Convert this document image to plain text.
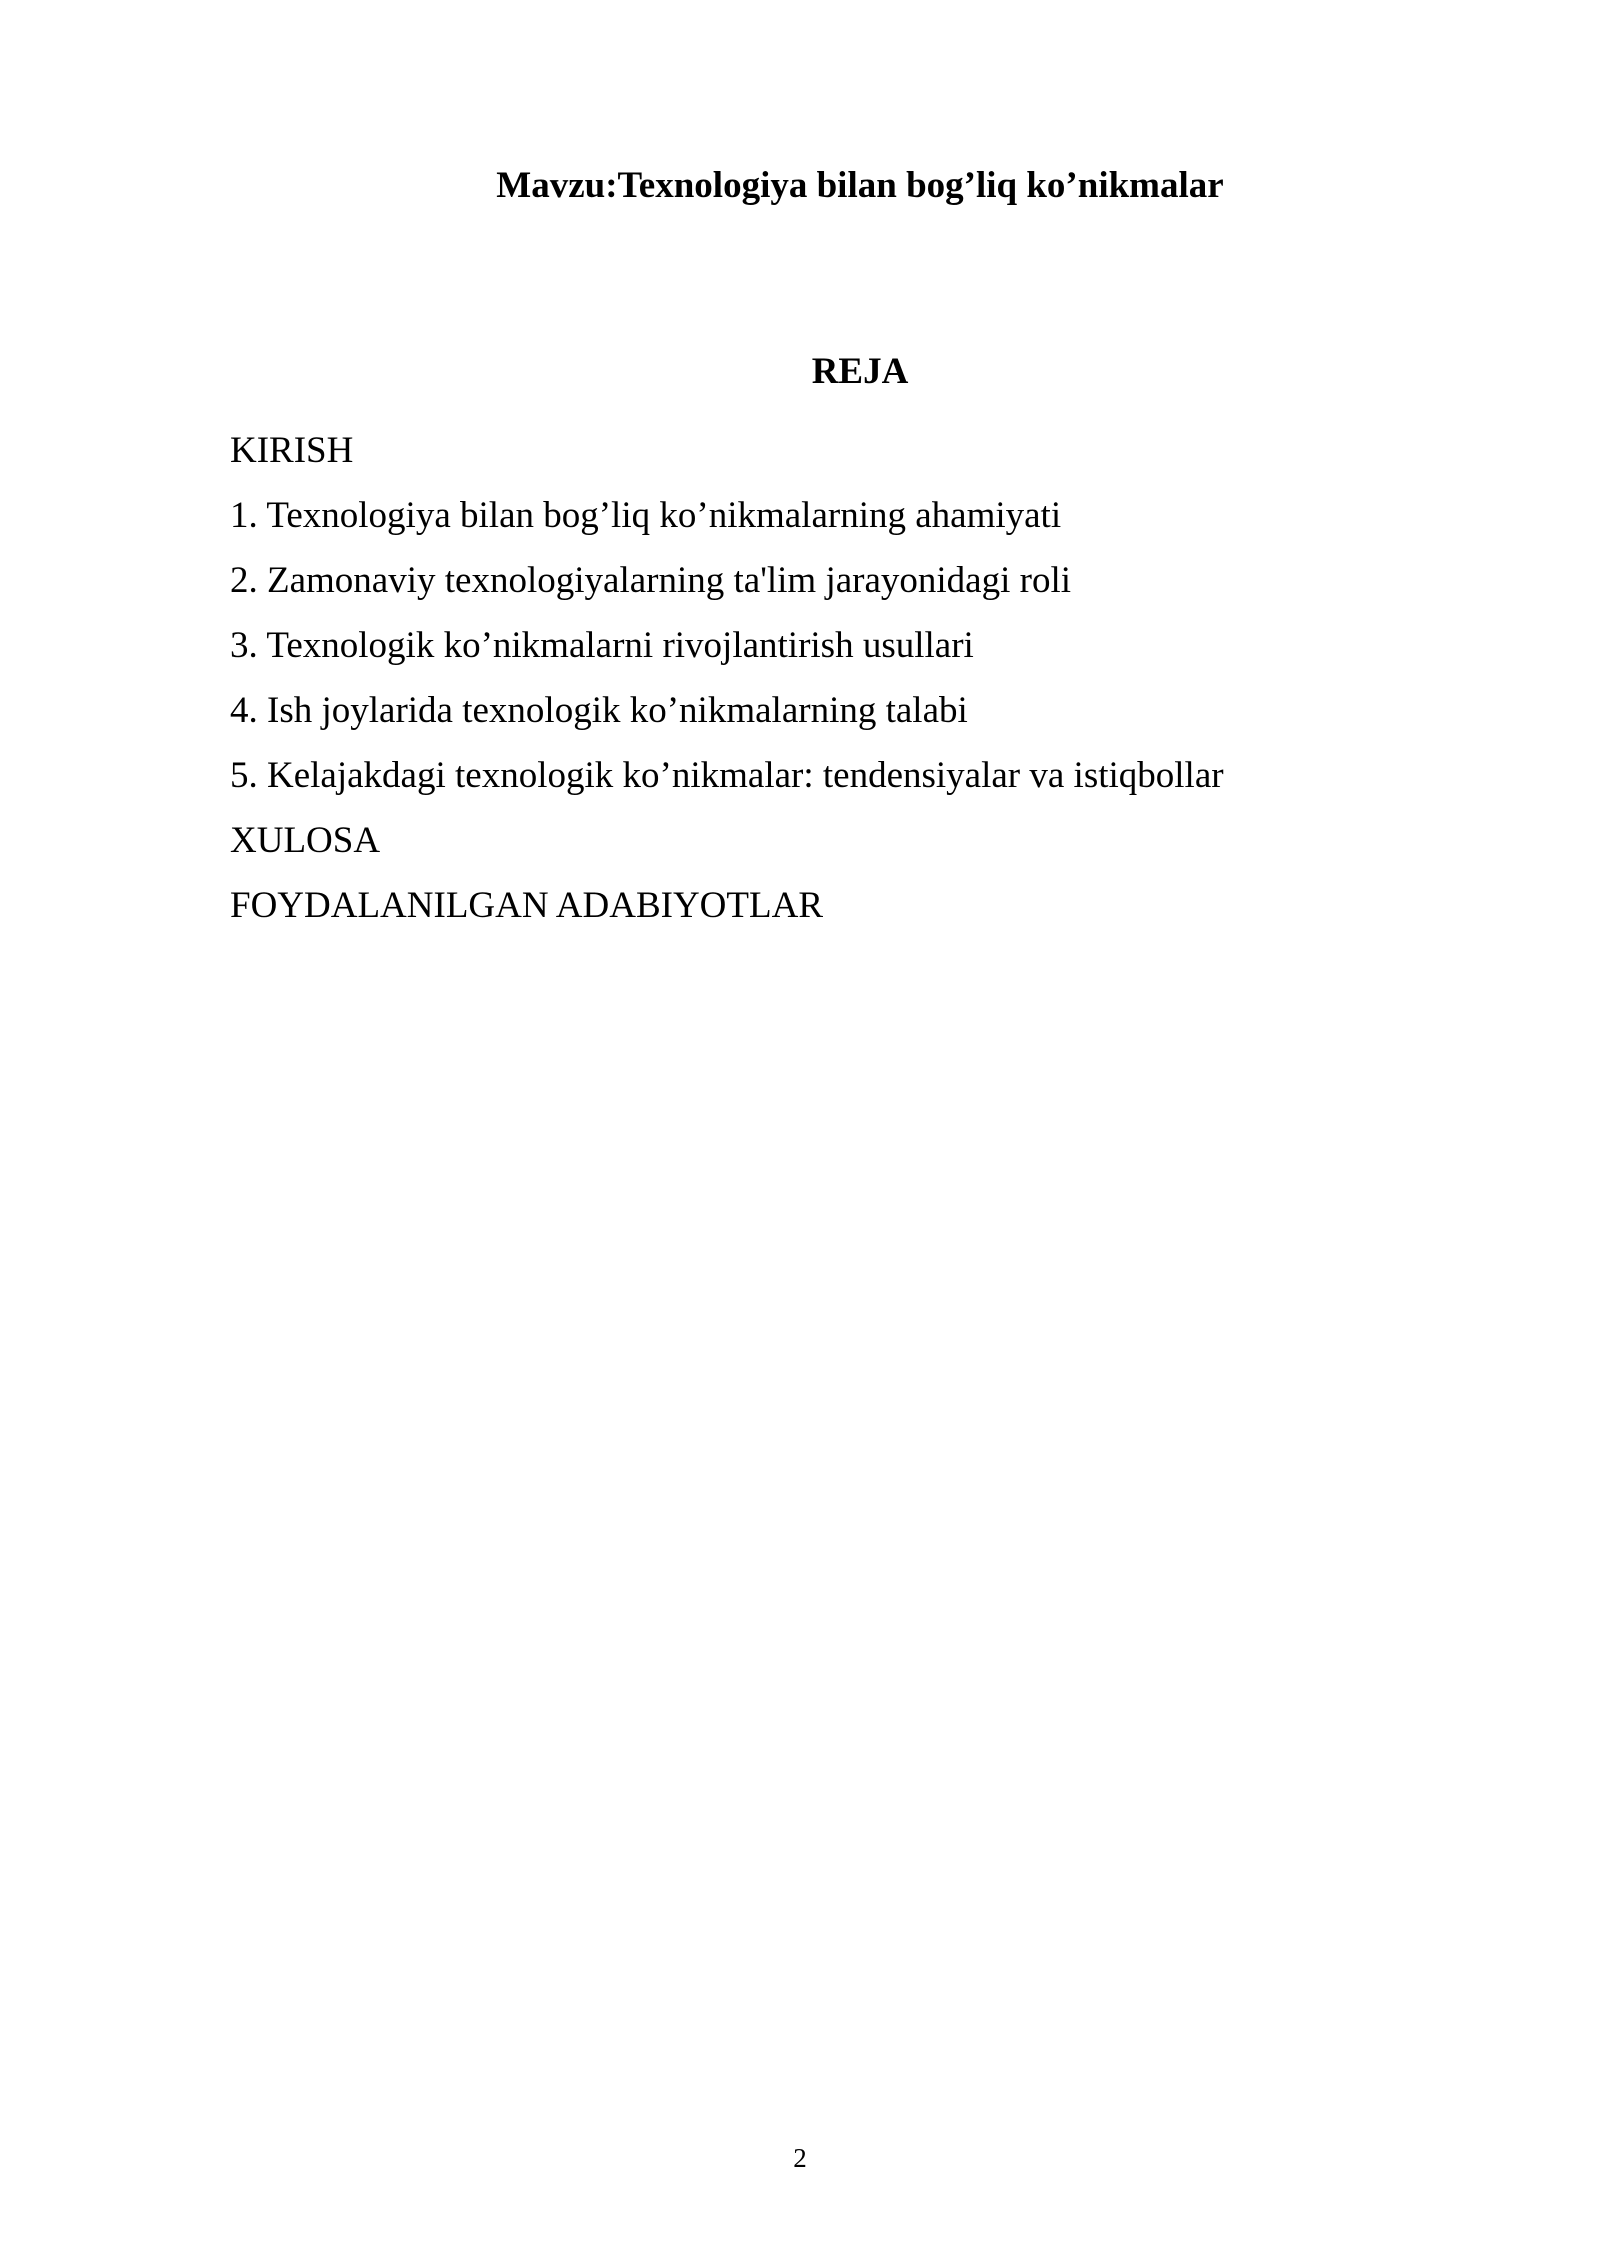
Mavzu:Texnologiya bilan bog’liq ko’nikmalar
REJA
KIRISH
1. Texnologiya bilan bog’liq ko’nikmalarning ahamiyati
2. Zamonaviy texnologiyalarning ta'lim jarayonidagi roli
3. Texnologik ko’nikmalarni rivojlantirish usullari
4. Ish joylarida texnologik ko’nikmalarning talabi
5. Kelajakdagi texnologik ko’nikmalar: tendensiyalar va istiqbollar
XULOSA
FOYDALANILGAN ADABIYOTLAR
2
